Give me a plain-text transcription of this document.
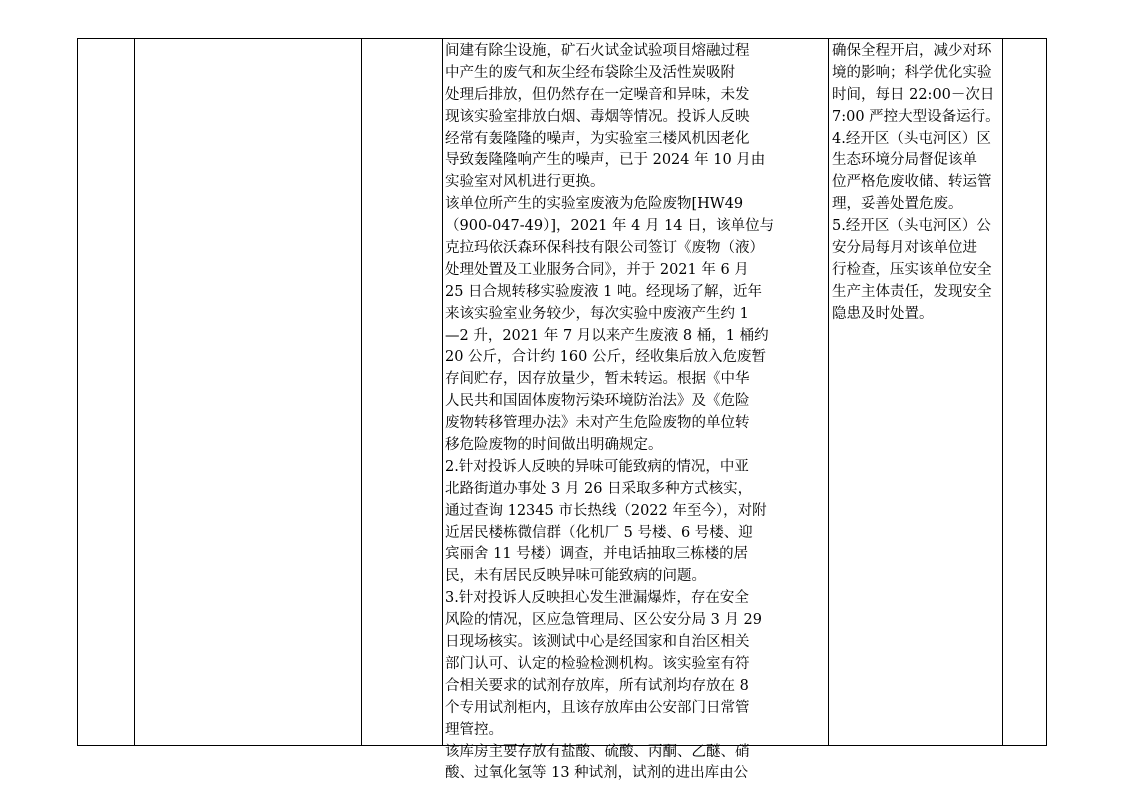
间建有除尘设施，矿石火试金试验项目熔融过程
中产生的废气和灰尘经布袋除尘及活性炭吸附
处理后排放，但仍然存在一定噪音和异味，未发
现该实验室排放白烟、毒烟等情况。投诉人反映
经常有轰隆隆的噪声，为实验室三楼风机因老化
导致轰隆隆响产生的噪声，已于 2024 年 10 月由
实验室对风机进行更换。
该单位所产生的实验室废液为危险废物[HW49
（900-047-49）]，2021 年 4 月 14 日，该单位与
克拉玛依沃森环保科技有限公司签订《废物（液）
处理处置及工业服务合同》，并于 2021 年 6 月
25 日合规转移实验废液 1 吨。经现场了解，近年
来该实验室业务较少，每次实验中废液产生约 1
—2 升，2021 年 7 月以来产生废液 8 桶，1 桶约
20 公斤，合计约 160 公斤，经收集后放入危废暂
存间贮存，因存放量少，暂未转运。根据《中华
人民共和国固体废物污染环境防治法》及《危险
废物转移管理办法》未对产生危险废物的单位转
移危险废物的时间做出明确规定。
2.针对投诉人反映的异味可能致病的情况，中亚
北路街道办事处 3 月 26 日采取多种方式核实，
通过查询 12345 市长热线（2022 年至今），对附
近居民楼栋微信群（化机厂 5 号楼、6 号楼、迎
宾丽舍 11 号楼）调查，并电话抽取三栋楼的居
民，未有居民反映异味可能致病的问题。
3.针对投诉人反映担心发生泄漏爆炸，存在安全
风险的情况，区应急管理局、区公安分局 3 月 29
日现场核实。该测试中心是经国家和自治区相关
部门认可、认定的检验检测机构。该实验室有符
合相关要求的试剂存放库，所有试剂均存放在 8
个专用试剂柜内，且该存放库由公安部门日常管
理管控。
该库房主要存放有盐酸、硫酸、丙酮、乙醚、硝
酸、过氧化氢等 13 种试剂，试剂的进出库由公
确保全程开启，减少对环
境的影响；科学优化实验
时间，每日 22:00－次日
7:00 严控大型设备运行。
4.经开区（头屯河区）区
生态环境分局督促该单
位严格危废收储、转运管
理，妥善处置危废。
5.经开区（头屯河区）公
安分局每月对该单位进
行检查，压实该单位安全
生产主体责任，发现安全
隐患及时处置。
